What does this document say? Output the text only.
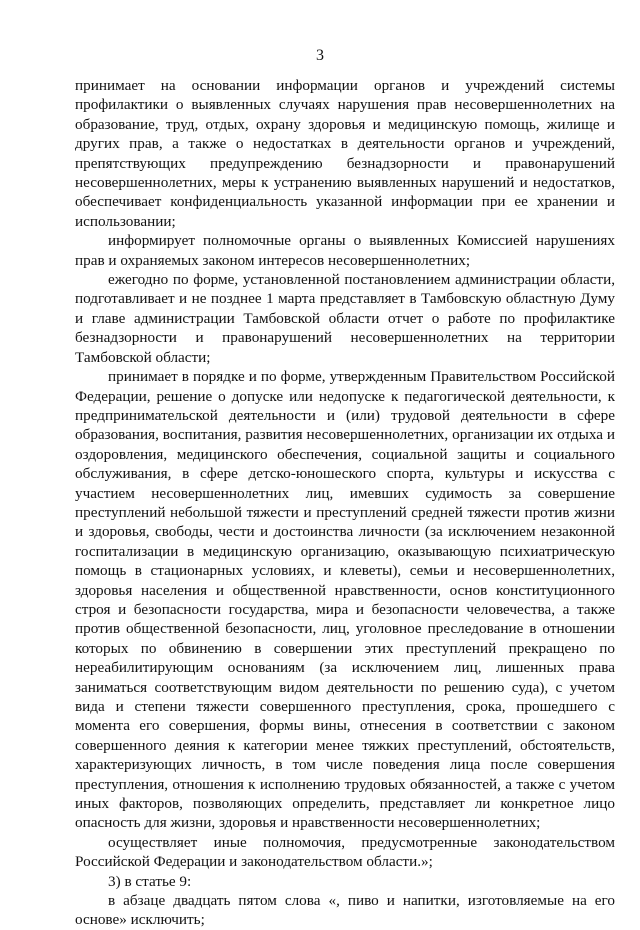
3

принимает на основании информации органов и учреждений системы профилактики о выявленных случаях нарушения прав несовершеннолетних на образование, труд, отдых, охрану здоровья и медицинскую помощь, жилище и других прав, а также о недостатках в деятельности органов и учреждений, препятствующих предупреждению безнадзорности и правонарушений несовершеннолетних, меры к устранению выявленных нарушений и недостатков, обеспечивает конфиденциальность указанной информации при ее хранении и использовании;

информирует полномочные органы о выявленных Комиссией нарушениях прав и охраняемых законом интересов несовершеннолетних;

ежегодно по форме, установленной постановлением администрации области, подготавливает и не позднее 1 марта представляет в Тамбовскую областную Думу и главе администрации Тамбовской области отчет о работе по профилактике безнадзорности и правонарушений несовершеннолетних на территории Тамбовской области;

принимает в порядке и по форме, утвержденным Правительством Российской Федерации, решение о допуске или недопуске к педагогической деятельности, к предпринимательской деятельности и (или) трудовой деятельности в сфере образования, воспитания, развития несовершеннолетних, организации их отдыха и оздоровления, медицинского обеспечения, социальной защиты и социального обслуживания, в сфере детско-юношеского спорта, культуры и искусства с участием несовершеннолетних лиц, имевших судимость за совершение преступлений небольшой тяжести и преступлений средней тяжести против жизни и здоровья, свободы, чести и достоинства личности (за исключением незаконной госпитализации в медицинскую организацию, оказывающую психиатрическую помощь в стационарных условиях, и клеветы), семьи и несовершеннолетних, здоровья населения и общественной нравственности, основ конституционного строя и безопасности государства, мира и безопасности человечества, а также против общественной безопасности, лиц, уголовное преследование в отношении которых по обвинению в совершении этих преступлений прекращено по нереабилитирующим основаниям (за исключением лиц, лишенных права заниматься соответствующим видом деятельности по решению суда), с учетом вида и степени тяжести совершенного преступления, срока, прошедшего с момента его совершения, формы вины, отнесения в соответствии с законом совершенного деяния к категории менее тяжких преступлений, обстоятельств, характеризующих личность, в том числе поведения лица после совершения преступления, отношения к исполнению трудовых обязанностей, а также с учетом иных факторов, позволяющих определить, представляет ли конкретное лицо опасность для жизни, здоровья и нравственности несовершеннолетних;

осуществляет иные полномочия, предусмотренные законодательством Российской Федерации и законодательством области.»;

3) в статье 9:

в абзаце двадцать пятом слова «, пиво и напитки, изготовляемые на его основе» исключить;
